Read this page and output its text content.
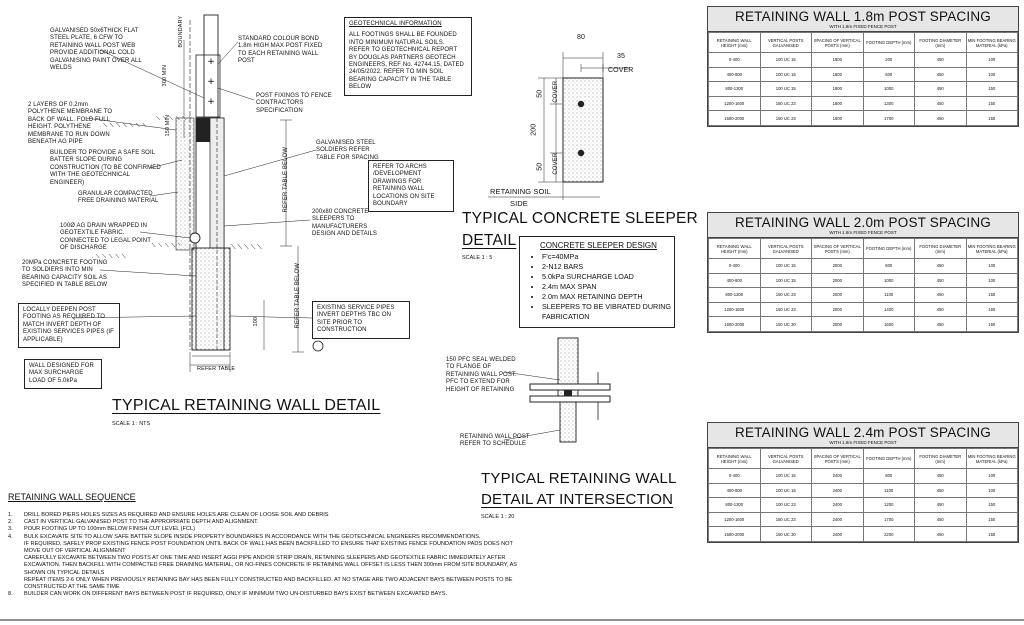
+
+
+
BOUNDARY
300 MIN
150 MIN
REFER TABLE BELOW
REFER TABLE BELOW
100
REFER TABLE
GALVANISED 50x6THICK FLAT STEEL PLATE, 6 CFW TO RETAINING WALL POST WEB PROVIDE ADDITIONAL COLD GALVANISING PAINT OVER ALL WELDS
2 LAYERS OF 0.2mm POLYTHENE MEMBRANE TO BACK OF WALL. FOLD FULL HEIGHT. POLYTHENE MEMBRANE TO RUN DOWN BENEATH AG PIPE
BUILDER TO PROVIDE A SAFE SOIL BATTER SLOPE DURING CONSTRUCTION (TO BE CONFIRMED WITH THE GEOTECHNICAL ENGINEER)
GRANULAR COMPACTED FREE DRAINING MATERIAL
100Ø AG DRAIN WRAPPED IN GEOTEXTILE FABRIC. CONNECTED TO LEGAL POINT OF DISCHARGE
20MPa CONCRETE FOOTING TO SOLDIERS INTO MIN BEARING CAPACITY SOIL AS SPECIFIED IN TABLE BELOW
LOCALLY DEEPEN POST FOOTING AS REQUIRED TO MATCH INVERT DEPTH OF EXISTING SERVICES PIPES (IF APPLICABLE)
WALL DESIGNED FOR MAX SURCHARGE LOAD OF 5.0kPa
STANDARD COLOUR BOND 1.8m HIGH MAX POST FIXED TO EACH RETAINING WALL POST
POST FIXINGS TO FENCE CONTRACTORS SPECIFICATION
GALVANISED STEEL SOLDIERS REFER TABLE FOR SPACING
REFER TO ARCHS /DEVELOPMENT DRAWINGS FOR RETAINING WALL LOCATIONS ON SITE BOUNDARY
200x80 CONCRETE SLEEPERS TO MANUFACTURERS DESIGN AND DETAILS
EXISTING SERVICE PIPES INVERT DEPTHS TBC ON SITE PRIOR TO CONSTRUCTION
GEOTECHNICAL INFORMATION
ALL FOOTINGS SHALL BE FOUNDED INTO MINIMUM NATURAL SOILS. REFER TO GEOTECHNICAL REPORT BY DOUGLAS PARTNERS GEOTECH ENGINEERS, REF No. 42744.15, DATED 24/05/2022. REFER TO MIN SOIL BEARING CAPACITY IN THE TABLE BELOW
TYPICAL RETAINING WALL DETAIL
SCALE 1 : NTS
80
35
COVER
50 COVER
200
50 COVER
RETAINING SOIL
SIDE
TYPICAL CONCRETE SLEEPER
DETAIL
SCALE 1 : 5
CONCRETE SLEEPER DESIGN
• F'c=40MPa
• 2-N12 BARS
• 5.0kPa SURCHARGE LOAD
• 2.4m MAX SPAN
• 2.0m MAX RETAINING DEPTH
• SLEEPERS TO BE VIBRATED DURING FABRICATION
150 PFC SEAL WELDED TO FLANGE OF RETAINING WALL POST. PFC TO EXTEND FOR HEIGHT OF RETAINING
RETAINING WALL POST REFER TO SCHEDULE
TYPICAL RETAINING WALL
DETAIL AT INTERSECTION
SCALE 1 : 20
RETAINING WALL SEQUENCE
1. DRILL BORED PIERS HOLES SIZES AS REQUIRED AND ENSURE HOLES ARE CLEAN OF LOOSE SOIL AND DEBRIS
2. CAST IN VERTICAL GALVANISED POST TO THE APPROPRIATE DEPTH AND ALIGNMENT.
3. POUR FOOTING UP TO 100mm BELOW FINISH CUT LEVEL (FCL)
4. BULK EXCAVATE SITE TO ALLOW SAFE BATTER SLOPE INSIDE PROPERTY BOUNDARIES IN ACCORDANCE WITH THE GEOTECHNICAL ENGINEERS RECOMMENDATIONS.
IF REQUIRED, SAFELY PROP EXISTING FENCE POST FOUNDATION UNTIL BACK OF WALL HAS BEEN BACKFILLED TO ENSURE THAT EXISTING FENCE FOUNDATION PADS DOES NOT MOVE OUT OF VERTICAL ALIGNMENT
CAREFULLY EXCAVATE BETWEEN TWO POSTS AT ONE TIME AND INSERT AGGI PIPE AND/OR STRIP DRAIN, RETAINING SLEEPERS AND GEOTEXTILE FABRIC IMMEDIATELY AFTER EXCAVATION. THEN BACKFILL WITH COMPACTED FREE DRAINING MATERIAL, OR NO-FINES CONCRETE IF RETAINING WALL OFFSET IS LESS THEN 300mm FROM SITE BOUNDARY, AS SHOWN ON TYPICAL DETAILS
REPEAT ITEMS 2-6 ONLY WHEN PREVIOUSLY RETAINING BAY HAS BEEN FULLY CONSTRUCTED AND BACKFILLED. AT NO STAGE ARE TWO ADJACENT BAYS BETWEEN POSTS TO BE CONSTRUCTED AT THE SAME TIME
8. BUILDER CAN WORK ON DIFFERENT BAYS BETWEEN POST IF REQUIRED, ONLY IF MINIMUM TWO UN-DISTURBED BAYS EXIST BETWEEN EXCAVATED BAYS.
RETAINING WALL 1.8m POST SPACING
WITH 1.8m FIXED FENCE POST
RETAINING WALL HEIGHT (mm)	VERTICAL POSTS GALVANISED	SPACING OF VERTICAL POSTS (mm)	FOOTING DEPTH (mm)	FOOTING DIAMETER (mm)	MIN FOOTING BEARING MATERIAL (kPa)
0-400	100 UC 15	1800	200	450	100
400-800	100 UC 15	1800	500	450	100
800-1200	100 UC 15	1800	1000	450	150
1200-1600	150 UC 23	1800	1300	450	150
1600-2000	150 UC 23	1800	1700	450	150
RETAINING WALL 2.0m POST SPACING
WITH 1.8m FIXED FENCE POST
RETAINING WALL HEIGHT (mm)	VERTICAL POSTS GALVANISED	SPACING OF VERTICAL POSTS (mm)	FOOTING DEPTH (mm)	FOOTING DIAMETER (mm)	MIN FOOTING BEARING MATERIAL (kPa)
0-400	100 UC 15	2000	800	450	100
400-800	100 UC 15	2000	1000	450	100
800-1200	150 UC 23	2000	1100	450	150
1200-1600	150 UC 23	2000	1400	450	150
1600-2000	150 UC 30	2000	1600	450	150
RETAINING WALL 2.4m POST SPACING
WITH 1.8m FIXED FENCE POST
RETAINING WALL HEIGHT (mm)	VERTICAL POSTS GALVANISED	SPACING OF VERTICAL POSTS (mm)	FOOTING DEPTH (mm)	FOOTING DIAMETER (mm)	MIN FOOTING BEARING MATERIAL (kPa)
0-400	100 UC 15	2400	800	450	100
400-800	100 UC 15	2400	1100	450	100
800-1200	100 UC 23	2400	1200	450	150
1200-1600	150 UC 23	2400	1700	450	150
1600-2000	150 UC 30	2400	2200	450	150
